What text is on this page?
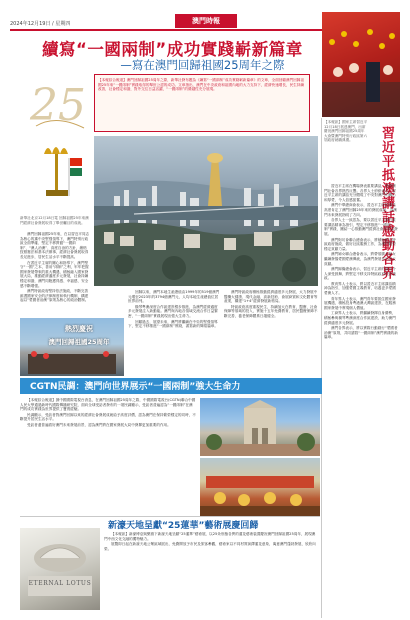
2024年12月19日 / 星期四	澳門時報
續寫“一國兩制”成功實踐嶄新篇章
—寫在澳門回歸祖國25周年之際
25	【本報綜合報道】澳門回歸祖國25周年之際，新華社發布題為《續寫“一國兩制”成功實踐嶄新篇章》的文章，全面回顧澳門回歸祖國25年來“一國兩制”實踐取得的舉世公認的成功。文章指出，澳門在中央政府和祖國內地的大力支持下，經濟快速增長，民生持續改善，社會穩定和諧，對外交往日益活躍，“一國兩制”的優越性充分展現。
習近平抵澳講話感動各界
新華社北京12月18日電 回歸祖國25年來澳門經濟社會發展取得了舉世矚目的成就。

澳門回歸祖國25年來，在以習近平同志為核心的黨中央堅強領導下，澳門特別行政區全面準確、堅定不移貫徹“一國兩制”、“澳人治澳”、高度自治的方針，嚴格按照憲法和基本法辦事，經濟社會發展取得長足進步，居民生活水平不斷提高。

在習近平主席的關心和指導下，澳門堅守“一國”之本，善用“兩制”之利，牢牢把握國家發展帶來的重大機遇，積極融入國家發展大局，推動經濟適度多元發展，社會持續穩定和諧，澳門同胞獲得感、幸福感、安全感不斷增強。

澳門特區政府堅持依法施政，不斷完善維護國家安全的法律制度和執行機制，構建起以“愛國者治澳”原則為核心的政治體制。

熱烈慶祝
澳門回歸祖國25周年

回歸以來，澳門本地生產總值由1999年的519億澳門元增至2023年的3794億澳門元，人均本地生產總值位居世界前列。

橫琴粵澳深度合作區建設穩步推進，為澳門經濟適度多元發展注入新動能。澳門與內地各領域交流合作日益緊密，“一國兩制”實踐展現出強大生命力。

回顧過去，展望未來，澳門將繼續在中央的堅強領導下，堅定不移推進“一國兩制”實踐，書寫新的輝煌篇章。

澳門特區政府積極推動經濟適度多元發展，大力發展中醫藥大健康、現代金融、高新技術、會展商貿和文化體育等產業，構建“1+4”經濟發展新格局。

特區政府高度重視民生，持續加大在教育、醫療、社會保障等領域的投入，實施十五年免費教育，居民醫療保障不斷完善，養老保障體系日趨健全。

【本報訊】國家主席習近平12月18日抵達澳門，出席慶祝澳門回歸祖國25周年大會暨澳門特別行政區第六屆政府就職典禮。

習近平主席在機場發表重要講話，受到澳門社會各界熱烈反響。各界人士紛紛表示，習近平主席的講話充分體現了中央對澳門的關心和厚愛，令人倍感振奮。

澳門中華總商會表示，習近平主席的講話高度肯定了澳門回歸25年來的發展成就，為澳門未來發展指明了方向。

各界人士一致認為，要以習近平主席的重要講話精神為指引，堅定不移推進“一國兩制”實踐，團結一心推動澳門經濟社會高質量發展。

澳門街坊會聯合總會表示，將積極配合特區政府施政，做好社區服務工作，為澳門繁榮穩定貢獻力量。

澳門婦女聯合總會表示，將帶領廣大婦女繼續發揚愛國愛澳傳統，為澳門發展作出更大貢獻。

澳門歸僑總會表示，習近平主席的講話令人深受鼓舞，將堅定不移支持特區政府依法施政。

教育界人士表示，將以習近平主席講話精神為指引，加強愛國主義教育，培養更多愛國愛澳人才。

青年界人士表示，澳門青年要抓住國家發展機遇，積極投身粵港澳大灣區建設，在服務國家發展中實現個人價值。

工商界人士表示，將繼續發揮自身優勢，積極參與橫琴粵澳深度合作區建設，助力澳門經濟適度多元發展。

澳門各界表示，將以實際行動踐行“愛國者治澳”原則，共同譜寫“一國兩制”澳門實踐的新篇章。

CGTN民調：澳門向世界展示“一國兩制”強大生命力

【本報綜合報道】據中國國際電視台消息，在澳門回歸祖國25周年之際，中國國際電視台(CGTN)聯合中國人民大學通過新時代國際傳播研究院，面向全球受訪者發布的一項民調顯示，受訪者普遍認為“一國兩制”在澳門的成功實踐為世界提供了寶貴經驗。

民調顯示，受訪者對澳門回歸以來的經濟社會發展成就給予高度評價，認為澳門在保持繁榮穩定的同時，不斷提升居民生活水平。

受訪者還普遍看好澳門未來發展前景，認為澳門將在國家發展大局中發揮更加重要的作用。

新濠天地呈獻“25蓮華”藝術展慶回歸
ETERNAL LOTUS

【本報訊】新濠博亞娛樂旗下新濠天地呈獻“25蓮華”藝術展，以25朵形態各異的蓮花藝術裝置慶祝澳門回歸祖國25周年，展現澳門中西文化交融的獨特魅力。

展覽即日起在新濠天地公眾區域展出，免費開放予市民及旅客參觀，藝術家以不同材質演繹蓮花意象，寓意澳門蓬勃發展、欣欣向榮。
